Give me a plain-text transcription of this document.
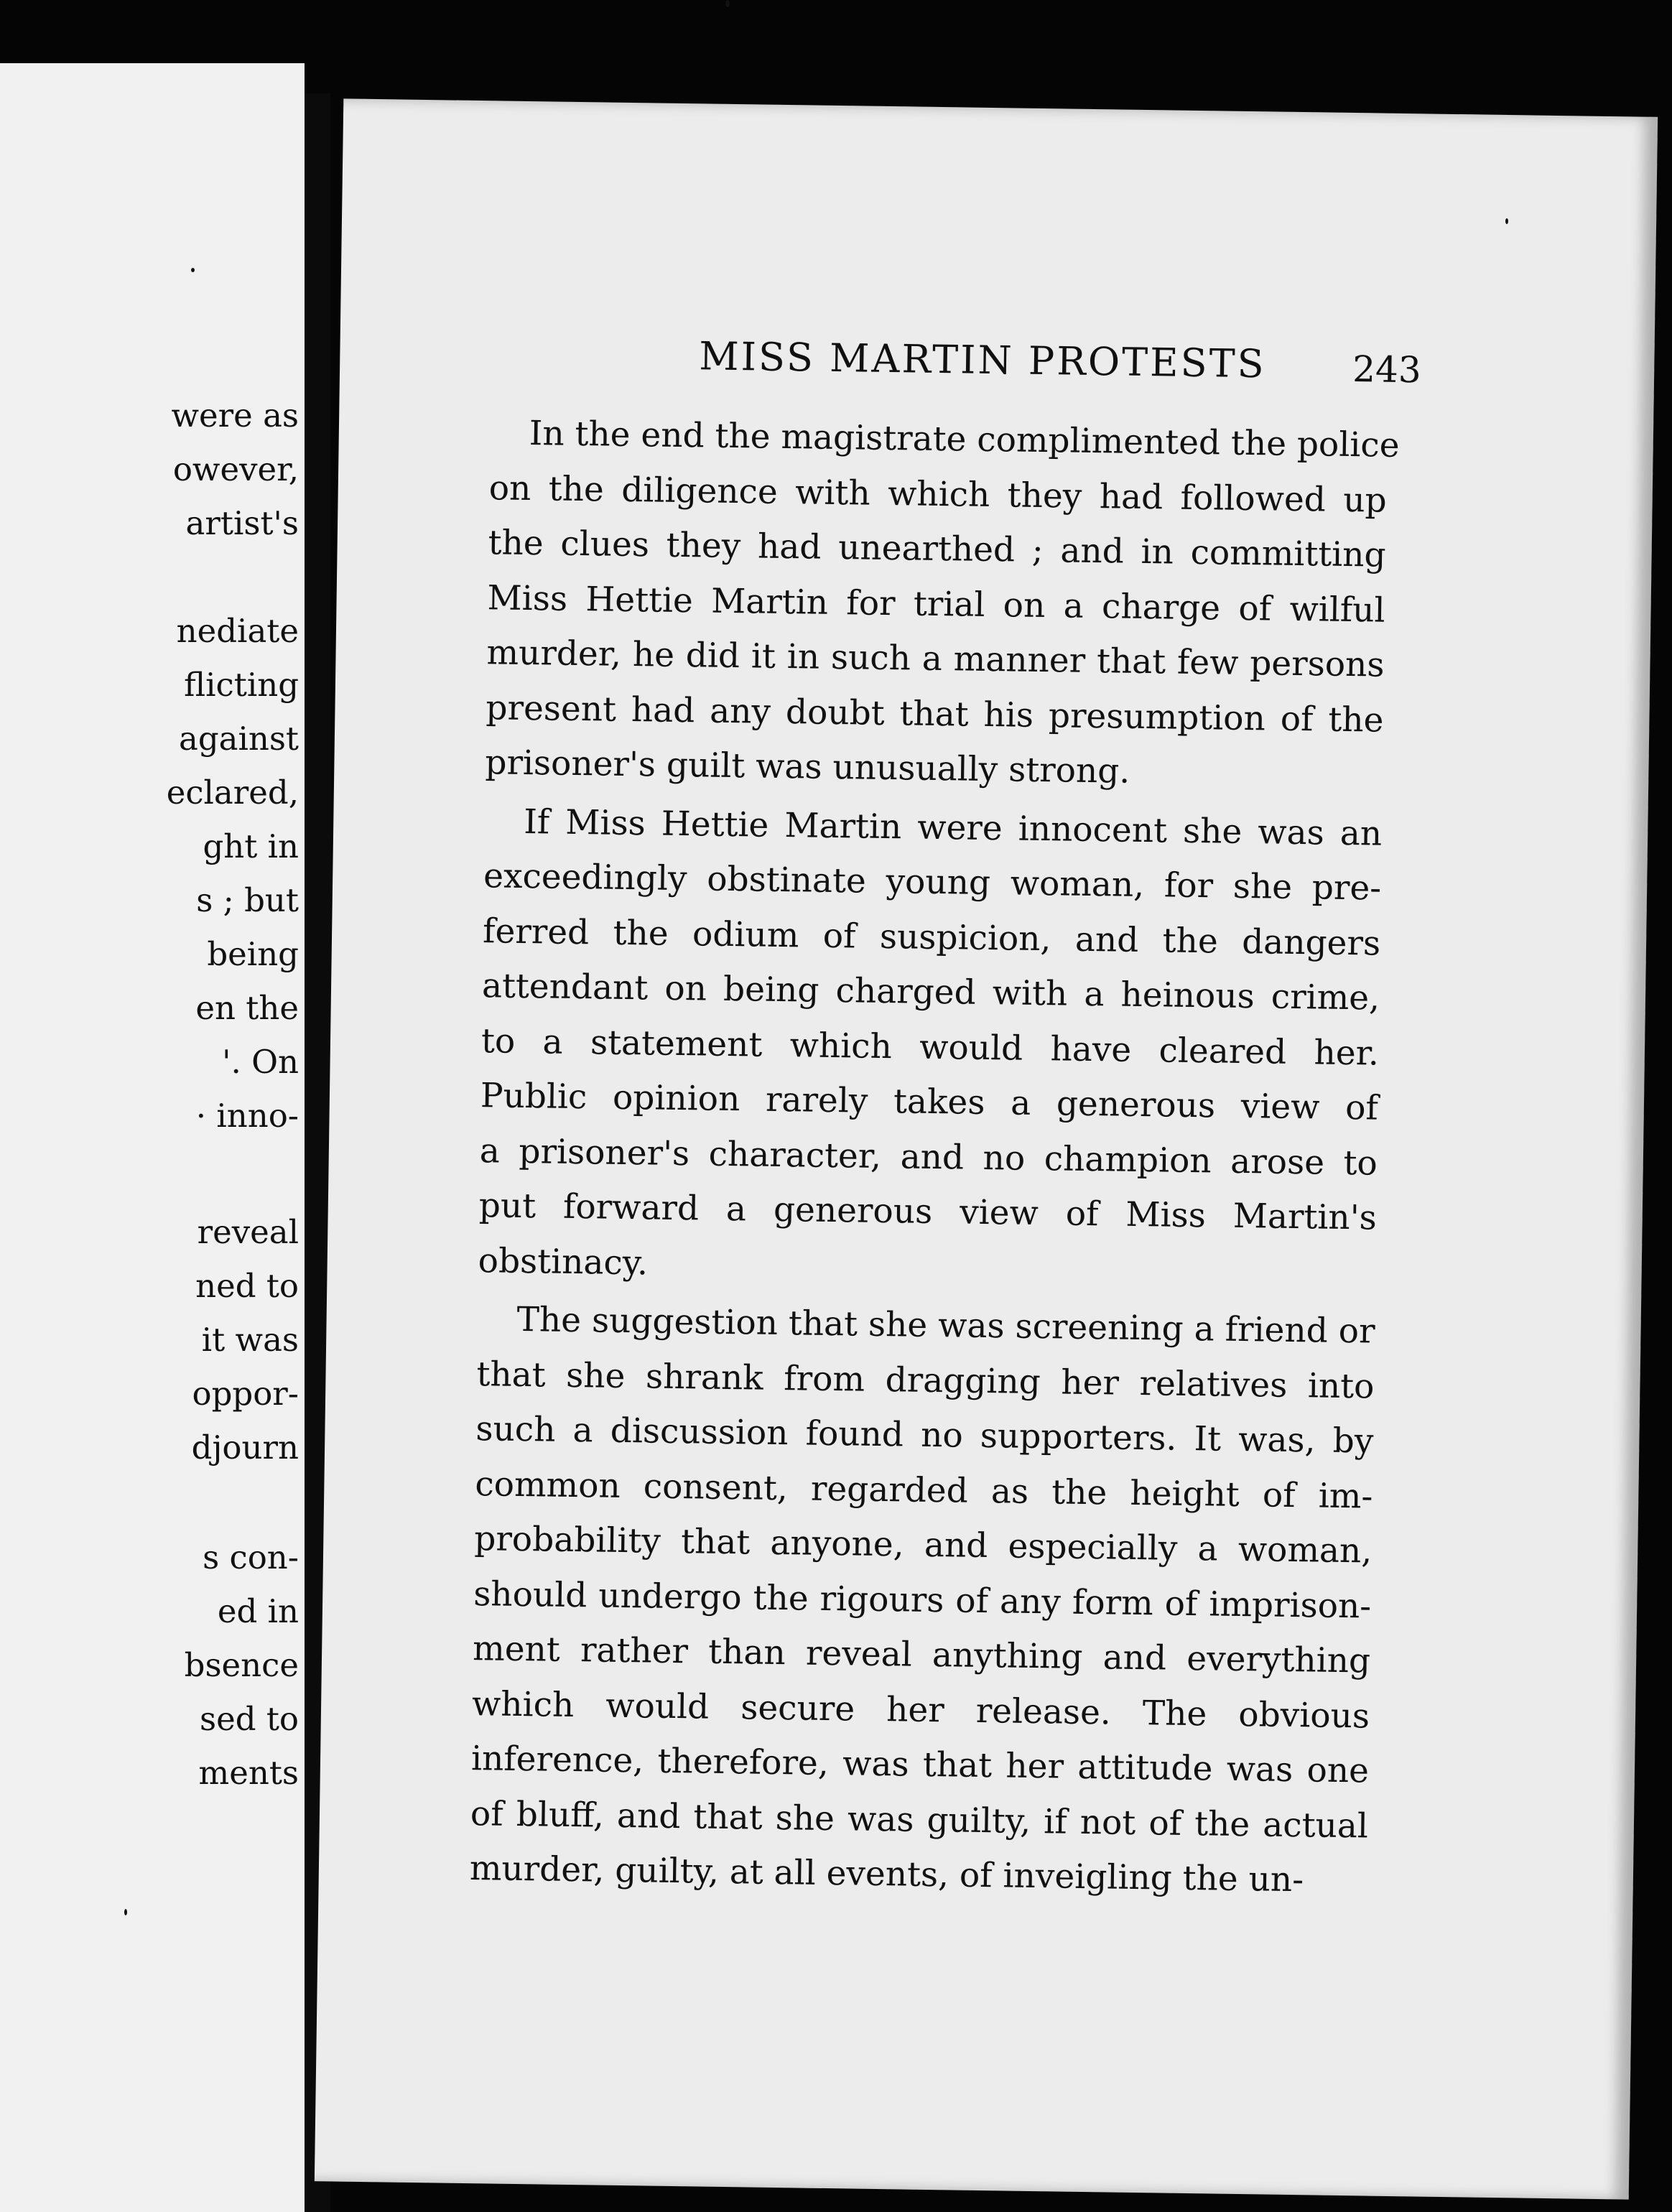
were as

owever,

artist's

nediate

flicting

against

eclared,

ght in

s ; but

being

en the

'. On

· inno-

reveal

ned to

it was

oppor-

djourn

s con-

ed in

bsence

sed to

ments

MISS MARTIN PROTESTS 243

In the end the magistrate complimented the police

on the diligence with which they had followed up

the clues they had unearthed ; and in committing

Miss Hettie Martin for trial on a charge of wilful

murder, he did it in such a manner that few persons

present had any doubt that his presumption of the

prisoner's guilt was unusually strong.

If Miss Hettie Martin were innocent she was an

exceedingly obstinate young woman, for she pre-

ferred the odium of suspicion, and the dangers

attendant on being charged with a heinous crime,

to a statement which would have cleared her.

Public opinion rarely takes a generous view of

a prisoner's character, and no champion arose to

put forward a generous view of Miss Martin's

obstinacy.

The suggestion that she was screening a friend or

that she shrank from dragging her relatives into

such a discussion found no supporters. It was, by

common consent, regarded as the height of im-

probability that anyone, and especially a woman,

should undergo the rigours of any form of imprison-

ment rather than reveal anything and everything

which would secure her release. The obvious

inference, therefore, was that her attitude was one

of bluff, and that she was guilty, if not of the actual

murder, guilty, at all events, of inveigling the un-
